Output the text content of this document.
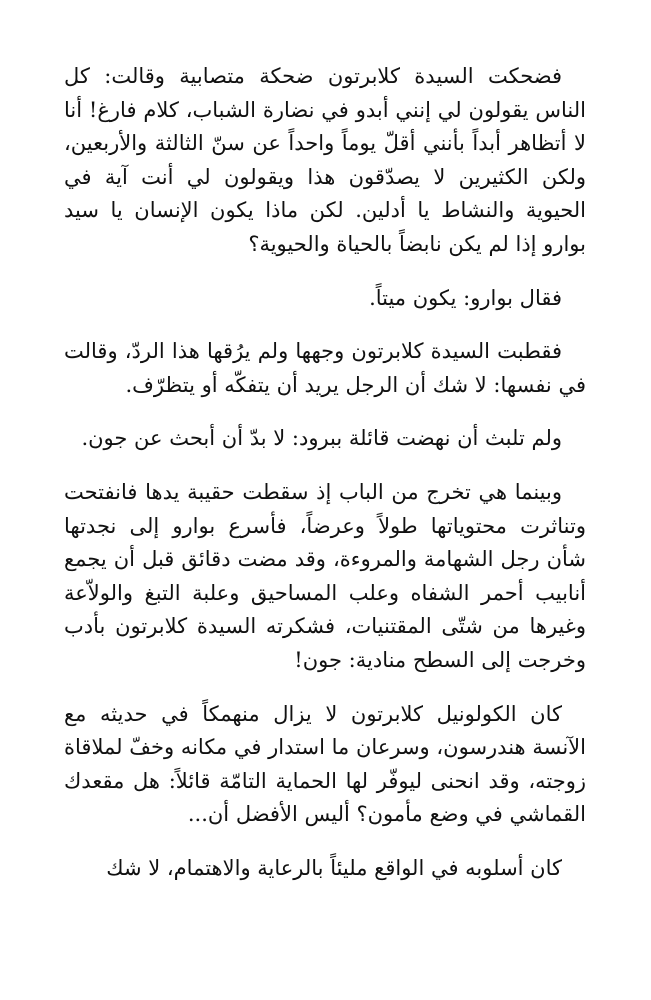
فضحكت السيدة كلابرتون ضحكة متصابية وقالت: كل الناس يقولون لي إنني أبدو في نضارة الشباب، كلام فارغ! أنا لا أتظاهر أبداً بأنني أقلّ يوماً واحداً عن سنّ الثالثة والأربعين، ولكن الكثيرين لا يصدّقون هذا ويقولون لي أنت آية في الحيوية والنشاط يا أدلين. لكن ماذا يكون الإنسان يا سيد بوارو إذا لم يكن نابضاً بالحياة والحيوية؟

فقال بوارو: يكون ميتاً.

فقطبت السيدة كلابرتون وجهها ولم يرُقها هذا الردّ، وقالت في نفسها: لا شك أن الرجل يريد أن يتفكّه أو يتظرّف.

ولم تلبث أن نهضت قائلة ببرود: لا بدّ أن أبحث عن جون.

وبينما هي تخرج من الباب إذ سقطت حقيبة يدها فانفتحت وتناثرت محتوياتها طولاً وعرضاً، فأسرع بوارو إلى نجدتها شأن رجل الشهامة والمروءة، وقد مضت دقائق قبل أن يجمع أنابيب أحمر الشفاه وعلب المساحيق وعلبة التبغ والولاّعة وغيرها من شتّى المقتنيات، فشكرته السيدة كلابرتون بأدب وخرجت إلى السطح منادية: جون!

كان الكولونيل كلابرتون لا يزال منهمكاً في حديثه مع الآنسة هندرسون، وسرعان ما استدار في مكانه وخفّ لملاقاة زوجته، وقد انحنى ليوفّر لها الحماية التامّة قائلاً: هل مقعدك القماشي في وضع مأمون؟ أليس الأفضل أن...

كان أسلوبه في الواقع مليئاً بالرعاية والاهتمام، لا شك
